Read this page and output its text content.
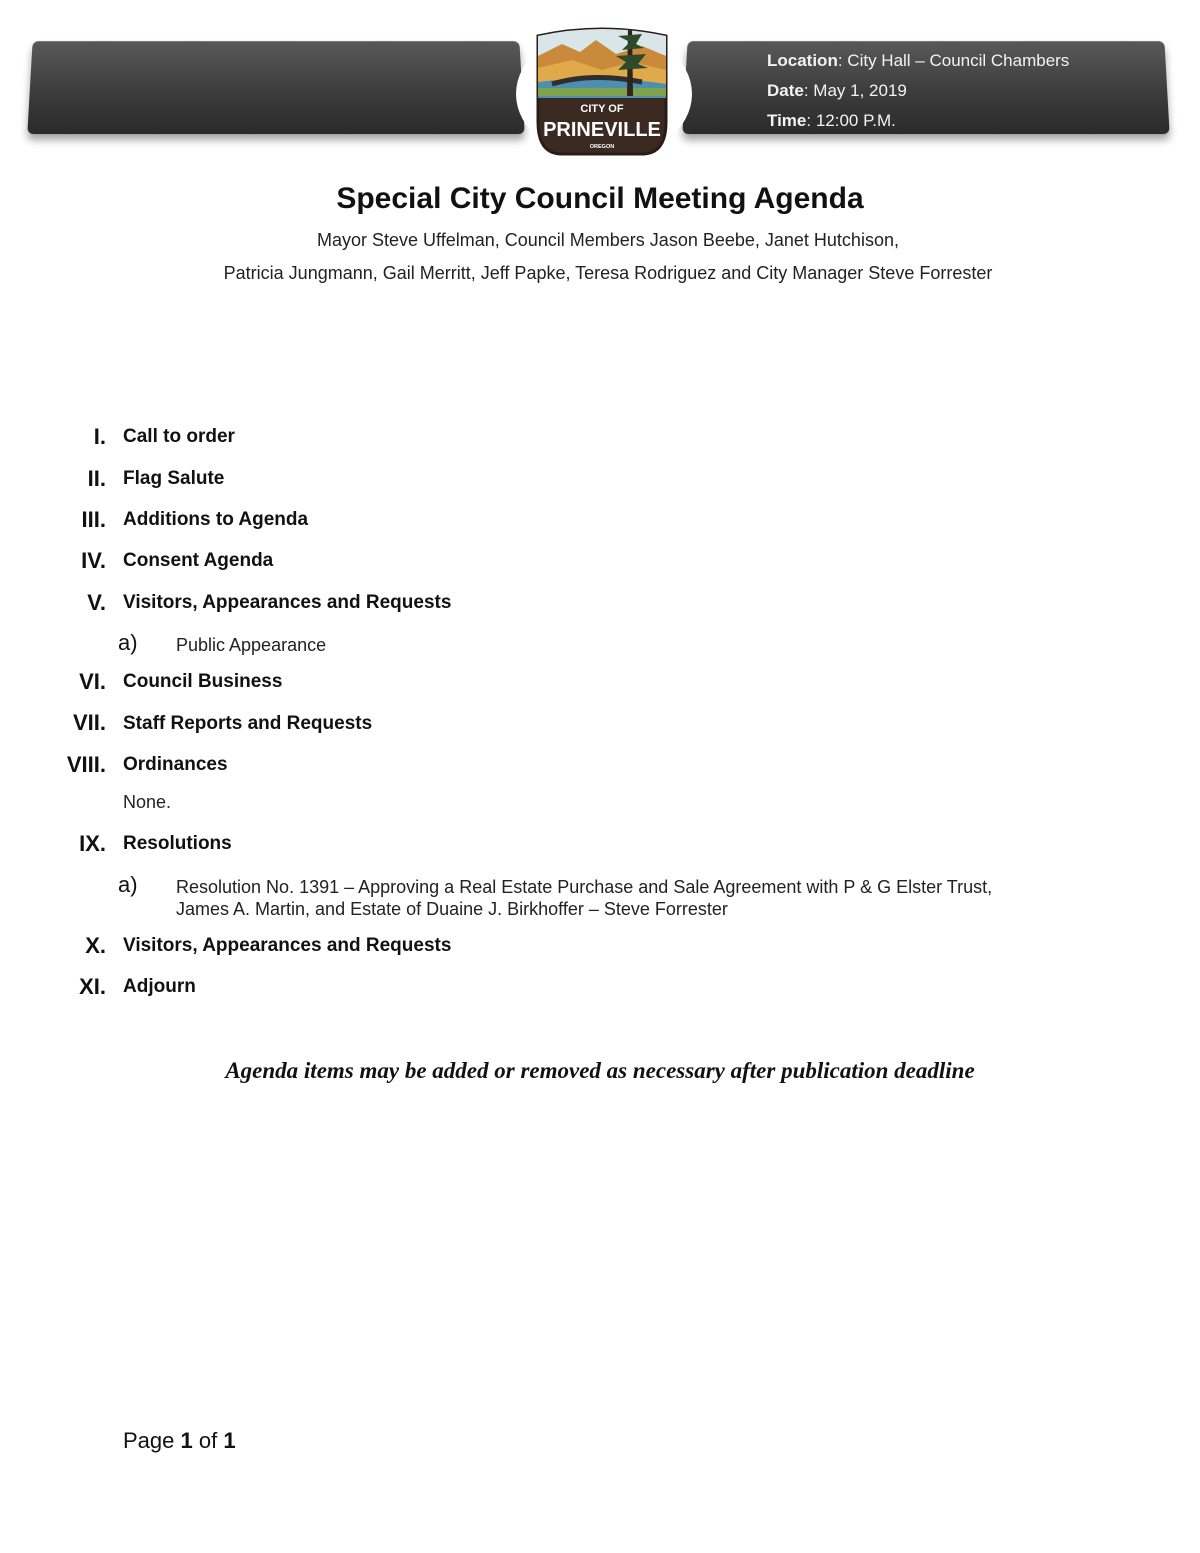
Location: City Hall – Council Chambers
Date: May 1, 2019
Time: 12:00 P.M.
CITY OF
PRINEVILLE
OREGON
Special City Council Meeting Agenda
Mayor Steve Uffelman, Council Members Jason Beebe, Janet Hutchison,
Patricia Jungmann, Gail Merritt, Jeff Papke, Teresa Rodriguez and City Manager Steve Forrester
I. Call to order
II. Flag Salute
III. Additions to Agenda
IV. Consent Agenda
V. Visitors, Appearances and Requests
a) Public Appearance
VI. Council Business
VII. Staff Reports and Requests
VIII. Ordinances
None.
IX. Resolutions
a) Resolution No. 1391 – Approving a Real Estate Purchase and Sale Agreement with P & G Elster Trust,
James A. Martin, and Estate of Duaine J. Birkhoffer – Steve Forrester
X. Visitors, Appearances and Requests
XI. Adjourn
Agenda items may be added or removed as necessary after publication deadline
Page 1 of 1
